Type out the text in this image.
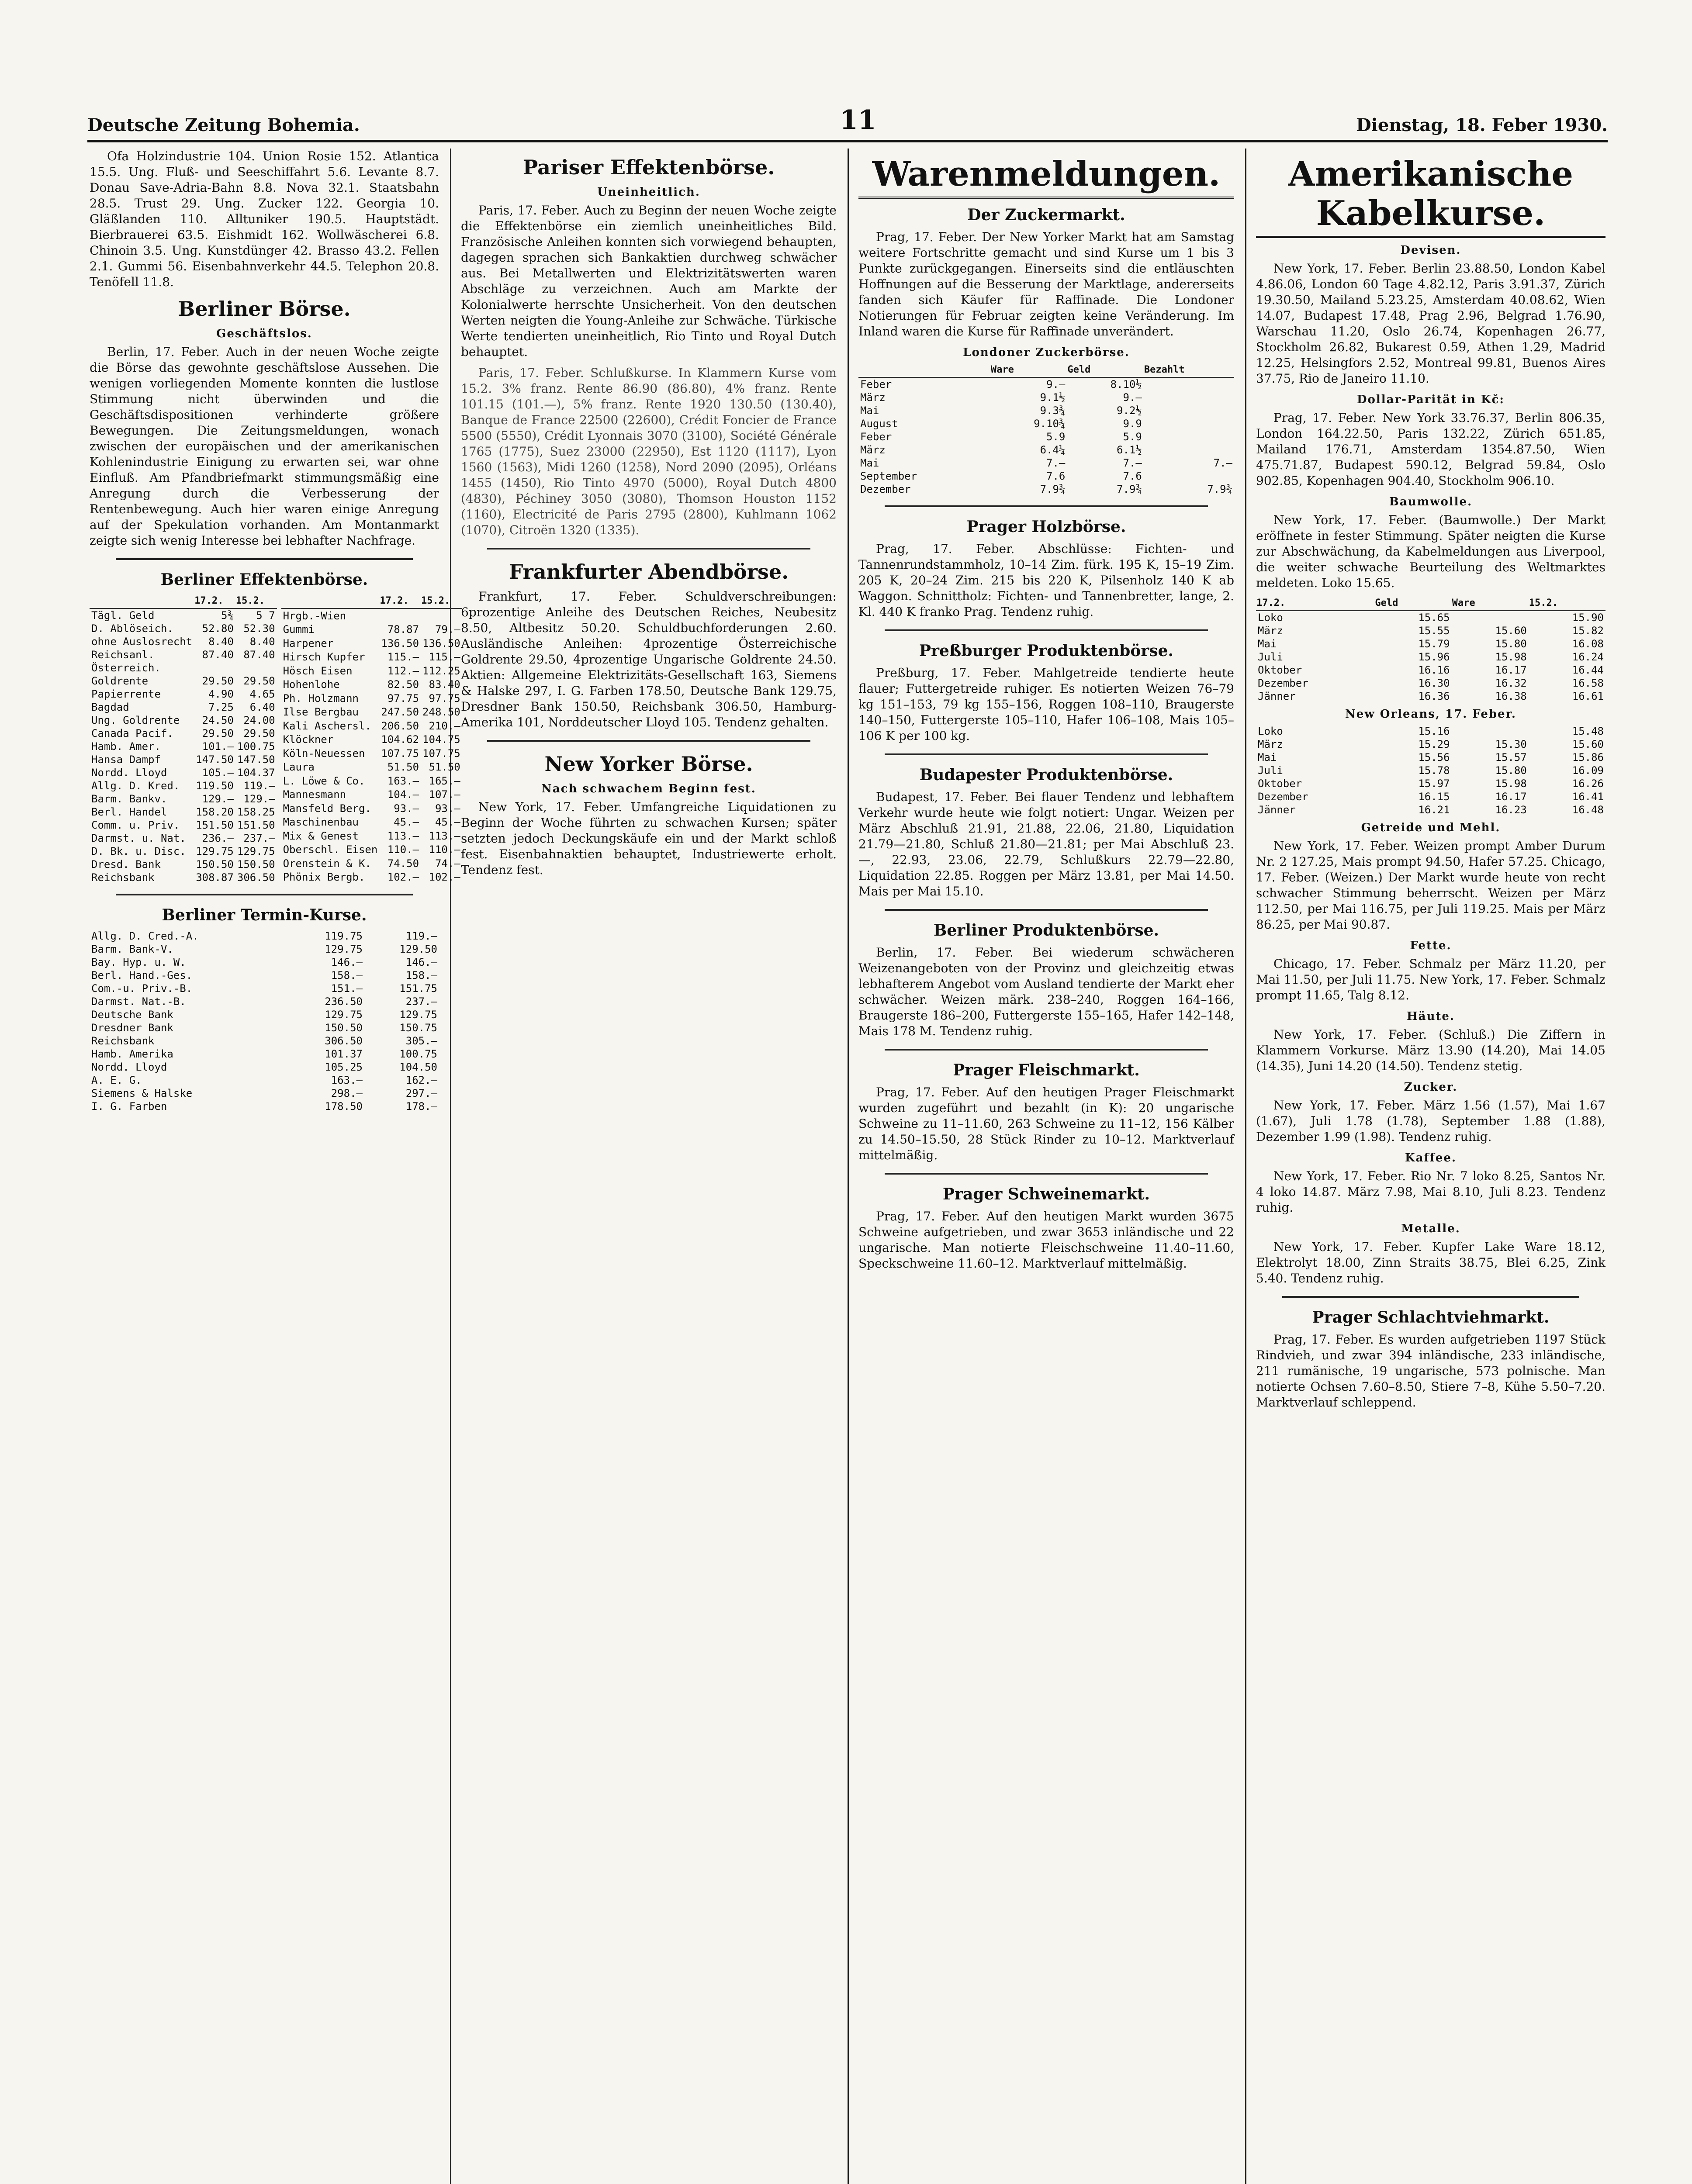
Deutsche Zeitung Bohemia.	11	Dienstag, 18. Feber 1930.

Ofa Holzindustrie 104. Union Rosie 152. Atlantica 15.5. Ung. Fluß- und Seeschiffahrt 5.6. Levante 8.7. Donau Save-Adria-Bahn 8.8. Nova 32.1. Staatsbahn 28.5. Trust 29. Ung. Zucker 122. Georgia 10. Gläßlanden 110. Alltuniker 190.5. Hauptstädt. Bierbrauerei 63.5. Eishmidt 162. Wollwäscherei 6.8. Chinoin 3.5. Ung. Kunstdünger 42. Brasso 43.2. Fellen 2.1. Gummi 56. Eisenbahnverkehr 44.5. Telephon 20.8. Tenöfell 11.8.

Berliner Börse.
Geschäftslos.

Berlin, 17. Feber. Auch in der neuen Woche zeigte die Börse das gewohnte geschäftslose Aussehen. Die wenigen vorliegenden Momente konnten die lustlose Stimmung nicht überwinden und die Geschäftsdispositionen verhinderte größere Bewegungen. Die Zeitungsmeldungen, wonach zwischen der europäischen und der amerikanischen Kohlenindustrie Einigung zu erwarten sei, war ohne Einfluß. Am Pfandbriefmarkt stimmungsmäßig eine Anregung durch die Verbesserung der Rentenbewegung. Auch hier waren einige Anregung auf der Spekulation vorhanden. Am Montanmarkt zeigte sich wenig Interesse bei lebhafter Nachfrage.

Berliner Effektenbörse.
	17.2.	15.2.
Tägl. Geld	5¾	5 7
D. Ablöseich.	52.80	52.30
ohne Auslosrecht	8.40	8.40
Reichsanl.	87.40	87.40
Österreich.		
Goldrente	29.50	29.50
Papierrente	4.90	4.65
Bagdad	7.25	6.40
Ung. Goldrente	24.50	24.00
Canada Pacif.	29.50	29.50
Hamb. Amer.	101.—	100.75
Hansa Dampf	147.50	147.50
Nordd. Lloyd	105.—	104.37
Allg. D. Kred.	119.50	119.—
Barm. Bankv.	129.—	129.—
Berl. Handel	158.20	158.25
Comm. u. Priv.	151.50	151.50
Darmst. u. Nat.	236.—	237.—
D. Bk. u. Disc.	129.75	129.75
Dresd. Bank	150.50	150.50
Reichsbank	308.87	306.50
	17.2.	15.2.
Hrgb.-Wien		
Gummi	78.87	79.—
Harpener	136.50	136.50
Hirsch Kupfer	115.—	115.—
Hösch Eisen	112.—	112.25
Hohenlohe	82.50	83.40
Ph. Holzmann	97.75	97.75
Ilse Bergbau	247.50	248.50
Kali Aschersl.	206.50	210.—
Klöckner	104.62	104.75
Köln-Neuessen	107.75	107.75
Laura	51.50	51.50
L. Löwe & Co.	163.—	165.—
Mannesmann	104.—	107.—
Mansfeld Berg.	93.—	93.—
Maschinenbau	45.—	45.—
Mix & Genest	113.—	113.—
Oberschl. Eisen	110.—	110.—
Orenstein & K.	74.50	74.—
Phönix Bergb.	102.—	102.—
Berliner Termin-Kurse.
Allg. D. Cred.-A.	119.75	119.—
Barm. Bank-V.	129.75	129.50
Bay. Hyp. u. W.	146.—	146.—
Berl. Hand.-Ges.	158.—	158.—
Com.-u. Priv.-B.	151.—	151.75
Darmst. Nat.-B.	236.50	237.—
Deutsche Bank	129.75	129.75
Dresdner Bank	150.50	150.75
Reichsbank	306.50	305.—
Hamb. Amerika	101.37	100.75
Nordd. Lloyd	105.25	104.50
A. E. G.	163.—	162.—
Siemens & Halske	298.—	297.—
I. G. Farben	178.50	178.—
Pariser Effektenbörse.
Uneinheitlich.

Paris, 17. Feber. Auch zu Beginn der neuen Woche zeigte die Effektenbörse ein ziemlich uneinheitliches Bild. Französische Anleihen konnten sich vorwiegend behaupten, dagegen sprachen sich Bankaktien durchweg schwächer aus. Bei Metallwerten und Elektrizitätswerten waren Abschläge zu verzeichnen. Auch am Markte der Kolonialwerte herrschte Unsicherheit. Von den deutschen Werten neigten die Young-Anleihe zur Schwäche. Türkische Werte tendierten uneinheitlich, Rio Tinto und Royal Dutch behauptet.

Paris, 17. Feber. Schlußkurse. In Klammern Kurse vom 15.2. 3% franz. Rente 86.90 (86.80), 4% franz. Rente 101.15 (101.—), 5% franz. Rente 1920 130.50 (130.40), Banque de France 22500 (22600), Crédit Foncier de France 5500 (5550), Crédit Lyonnais 3070 (3100), Société Générale 1765 (1775), Suez 23000 (22950), Est 1120 (1117), Lyon 1560 (1563), Midi 1260 (1258), Nord 2090 (2095), Orléans 1455 (1450), Rio Tinto 4970 (5000), Royal Dutch 4800 (4830), Péchiney 3050 (3080), Thomson Houston 1152 (1160), Electricité de Paris 2795 (2800), Kuhlmann 1062 (1070), Citroën 1320 (1335).

Frankfurter Abendbörse.

Frankfurt, 17. Feber. Schuldverschreibungen: 6prozentige Anleihe des Deutschen Reiches, Neubesitz 8.50, Altbesitz 50.20. Schuldbuchforderungen 2.60. Ausländische Anleihen: 4prozentige Österreichische Goldrente 29.50, 4prozentige Ungarische Goldrente 24.50. Aktien: Allgemeine Elektrizitäts-Gesellschaft 163, Siemens & Halske 297, I. G. Farben 178.50, Deutsche Bank 129.75, Dresdner Bank 150.50, Reichsbank 306.50, Hamburg-Amerika 101, Norddeutscher Lloyd 105. Tendenz gehalten.

New Yorker Börse.
Nach schwachem Beginn fest.

New York, 17. Feber. Umfangreiche Liquidationen zu Beginn der Woche führten zu schwachen Kursen; später setzten jedoch Deckungskäufe ein und der Markt schloß fest. Eisenbahnaktien behauptet, Industriewerte erholt. Tendenz fest.

Warenmeldungen.
Der Zuckermarkt.

Prag, 17. Feber. Der New Yorker Markt hat am Samstag weitere Fortschritte gemacht und sind Kurse um 1 bis 3 Punkte zurückgegangen. Einerseits sind die entläuschten Hoffnungen auf die Besserung der Marktlage, andererseits fanden sich Käufer für Raffinade. Die Londoner Notierungen für Februar zeigten keine Veränderung. Im Inland waren die Kurse für Raffinade unverändert.

Londoner Zuckerbörse.
	Ware	Geld	Bezahlt
Feber	9.—	8.10½	
März	9.1½	9.—	
Mai	9.3¾	9.2½	
August	9.10¾	9.9	
Feber	5.9	5.9	
März	6.4¼	6.1½	
Mai	7.—	7.—	7.—
September	7.6	7.6	
Dezember	7.9¾	7.9¾	7.9¾
Prager Holzbörse.

Prag, 17. Feber. Abschlüsse: Fichten- und Tannenrundstammholz, 10–14 Zim. fürk. 195 K, 15–19 Zim. 205 K, 20–24 Zim. 215 bis 220 K, Pilsenholz 140 K ab Waggon. Schnittholz: Fichten- und Tannenbretter, lange, 2. Kl. 440 K franko Prag. Tendenz ruhig.

Preßburger Produktenbörse.

Preßburg, 17. Feber. Mahlgetreide tendierte heute flauer; Futtergetreide ruhiger. Es notierten Weizen 76–79 kg 151–153, 79 kg 155–156, Roggen 108–110, Braugerste 140–150, Futtergerste 105–110, Hafer 106–108, Mais 105–106 K per 100 kg.

Budapester Produktenbörse.

Budapest, 17. Feber. Bei flauer Tendenz und lebhaftem Verkehr wurde heute wie folgt notiert: Ungar. Weizen per März Abschluß 21.91, 21.88, 22.06, 21.80, Liquidation 21.79—21.80, Schluß 21.80—21.81; per Mai Abschluß 23.—, 22.93, 23.06, 22.79, Schlußkurs 22.79—22.80, Liquidation 22.85. Roggen per März 13.81, per Mai 14.50. Mais per Mai 15.10.

Berliner Produktenbörse.

Berlin, 17. Feber. Bei wiederum schwächeren Weizenangeboten von der Provinz und gleichzeitig etwas lebhafterem Angebot vom Ausland tendierte der Markt eher schwächer. Weizen märk. 238–240, Roggen 164–166, Braugerste 186–200, Futtergerste 155–165, Hafer 142–148, Mais 178 M. Tendenz ruhig.

Prager Fleischmarkt.

Prag, 17. Feber. Auf den heutigen Prager Fleischmarkt wurden zugeführt und bezahlt (in K): 20 ungarische Schweine zu 11–11.60, 263 Schweine zu 11–12, 156 Kälber zu 14.50–15.50, 28 Stück Rinder zu 10–12. Marktverlauf mittelmäßig.

Prager Schweinemarkt.

Prag, 17. Feber. Auf den heutigen Markt wurden 3675 Schweine aufgetrieben, und zwar 3653 inländische und 22 ungarische. Man notierte Fleischschweine 11.40–11.60, Speckschweine 11.60–12. Marktverlauf mittelmäßig.

Amerikanische Kabelkurse.
Devisen.

New York, 17. Feber. Berlin 23.88.50, London Kabel 4.86.06, London 60 Tage 4.82.12, Paris 3.91.37, Zürich 19.30.50, Mailand 5.23.25, Amsterdam 40.08.62, Wien 14.07, Budapest 17.48, Prag 2.96, Belgrad 1.76.90, Warschau 11.20, Oslo 26.74, Kopenhagen 26.77, Stockholm 26.82, Bukarest 0.59, Athen 1.29, Madrid 12.25, Helsingfors 2.52, Montreal 99.81, Buenos Aires 37.75, Rio de Janeiro 11.10.

Dollar-Parität in Kč:

Prag, 17. Feber. New York 33.76.37, Berlin 806.35, London 164.22.50, Paris 132.22, Zürich 651.85, Mailand 176.71, Amsterdam 1354.87.50, Wien 475.71.87, Budapest 590.12, Belgrad 59.84, Oslo 902.85, Kopenhagen 904.40, Stockholm 906.10.

Baumwolle.

New York, 17. Feber. (Baumwolle.) Der Markt eröffnete in fester Stimmung. Später neigten die Kurse zur Abschwächung, da Kabelmeldungen aus Liverpool, die weiter schwache Beurteilung des Weltmarktes meldeten. Loko 15.65.

17.2.	Geld	Ware	15.2.
Loko	15.65		15.90
März	15.55	15.60	15.82
Mai	15.79	15.80	16.08
Juli	15.96	15.98	16.24
Oktober	16.16	16.17	16.44
Dezember	16.30	16.32	16.58
Jänner	16.36	16.38	16.61
New Orleans, 17. Feber.
Loko	15.16		15.48
März	15.29	15.30	15.60
Mai	15.56	15.57	15.86
Juli	15.78	15.80	16.09
Oktober	15.97	15.98	16.26
Dezember	16.15	16.17	16.41
Jänner	16.21	16.23	16.48
Getreide und Mehl.

New York, 17. Feber. Weizen prompt Amber Durum Nr. 2 127.25, Mais prompt 94.50, Hafer 57.25. Chicago, 17. Feber. (Weizen.) Der Markt wurde heute von recht schwacher Stimmung beherrscht. Weizen per März 112.50, per Mai 116.75, per Juli 119.25. Mais per März 86.25, per Mai 90.87.

Fette.

Chicago, 17. Feber. Schmalz per März 11.20, per Mai 11.50, per Juli 11.75. New York, 17. Feber. Schmalz prompt 11.65, Talg 8.12.

Häute.

New York, 17. Feber. (Schluß.) Die Ziffern in Klammern Vorkurse. März 13.90 (14.20), Mai 14.05 (14.35), Juni 14.20 (14.50). Tendenz stetig.

Zucker.

New York, 17. Feber. März 1.56 (1.57), Mai 1.67 (1.67), Juli 1.78 (1.78), September 1.88 (1.88), Dezember 1.99 (1.98). Tendenz ruhig.

Kaffee.

New York, 17. Feber. Rio Nr. 7 loko 8.25, Santos Nr. 4 loko 14.87. März 7.98, Mai 8.10, Juli 8.23. Tendenz ruhig.

Metalle.

New York, 17. Feber. Kupfer Lake Ware 18.12, Elektrolyt 18.00, Zinn Straits 38.75, Blei 6.25, Zink 5.40. Tendenz ruhig.

Prager Schlachtviehmarkt.

Prag, 17. Feber. Es wurden aufgetrieben 1197 Stück Rindvieh, und zwar 394 inländische, 233 inländische, 211 rumänische, 19 ungarische, 573 polnische. Man notierte Ochsen 7.60–8.50, Stiere 7–8, Kühe 5.50–7.20. Marktverlauf schleppend.
